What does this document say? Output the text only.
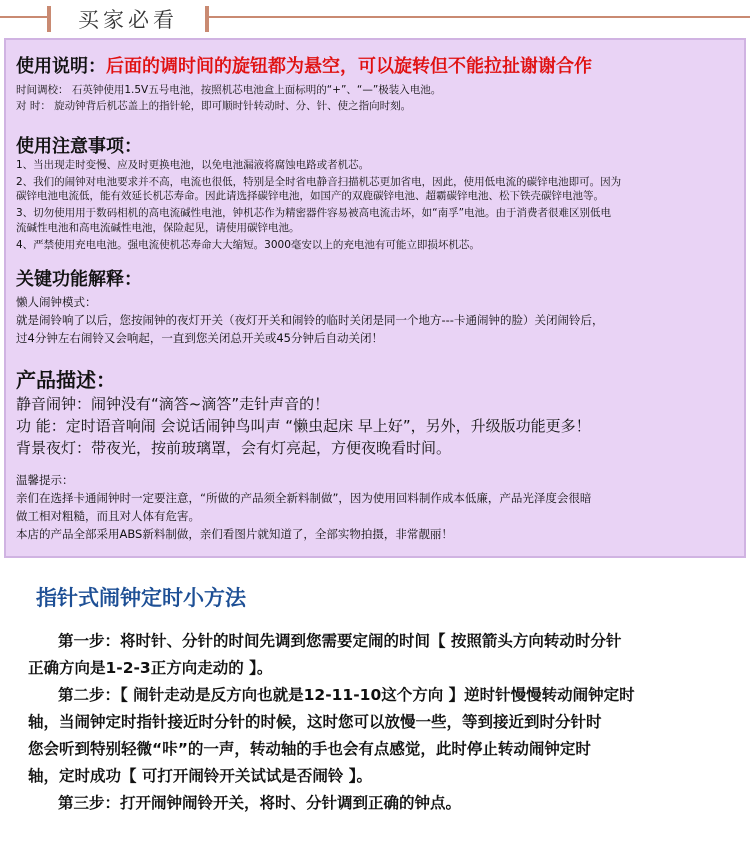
买家必看
使用说明：后面的调时间的旋钮都为悬空，可以旋转但不能拉扯谢谢合作
时间调校： 石英钟使用1.5V五号电池，按照机芯电池盒上面标明的“+”、“—”极装入电池。
对 时： 旋动钟背后机芯盖上的指针轮，即可顺时针转动时、分、针、使之指向时刻。
使用注意事项：
1、当出现走时变慢、应及时更换电池，以免电池漏液将腐蚀电路或者机芯。
2、我们的闹钟对电池要求并不高，电流也很低，特别是全时省电静音扫描机芯更加省电，因此，使用低电流的碳锌电池即可。因为
碳锌电池电流低，能有效延长机芯寿命。因此请选择碳锌电池，如国产的双鹿碳锌电池、超霸碳锌电池、松下铁壳碳锌电池等。
3、切勿使用用于数码相机的高电流碱性电池，钟机芯作为精密器件容易被高电流击坏，如“南孚”电池。由于消费者很难区别低电
流碱性电池和高电流碱性电池，保险起见，请使用碳锌电池。
4、严禁使用充电电池。强电流使机芯寿命大大缩短。3000毫安以上的充电池有可能立即损坏机芯。
关键功能解释：
懒人闹钟模式：
就是闹铃响了以后，您按闹钟的夜灯开关（夜灯开关和闹铃的临时关闭是同一个地方---卡通闹钟的脸）关闭闹铃后，
过4分钟左右闹铃又会响起，一直到您关闭总开关或45分钟后自动关闭！
产品描述：
静音闹钟：闹钟没有“滴答~滴答”走针声音的！
功 能：定时语音响闹 会说话闹钟鸟叫声 “懒虫起床 早上好”，另外，升级版功能更多！
背景夜灯：带夜光，按前玻璃罩，会有灯亮起，方便夜晚看时间。
温馨提示：
亲们在选择卡通闹钟时一定要注意，“所做的产品须全新料制做”，因为使用回料制作成本低廉，产品光泽度会很暗
做工相对粗糙，而且对人体有危害。
本店的产品全部采用ABS新料制做，亲们看图片就知道了，全部实物拍摄，非常靓丽！
指针式闹钟定时小方法

第一步：将时针、分针的时间先调到您需要定闹的时间【 按照箭头方向转动时分针

正确方向是1-2-3正方向走动的 】。

第二步：【 闹针走动是反方向也就是12-11-10这个方向 】逆时针慢慢转动闹钟定时

轴，当闹钟定时指针接近时分针的时候，这时您可以放慢一些，等到接近到时分针时

您会听到特别轻微“咔”的一声，转动轴的手也会有点感觉，此时停止转动闹钟定时

轴，定时成功【 可打开闹铃开关试试是否闹铃 】。

第三步：打开闹钟闹铃开关，将时、分针调到正确的钟点。
